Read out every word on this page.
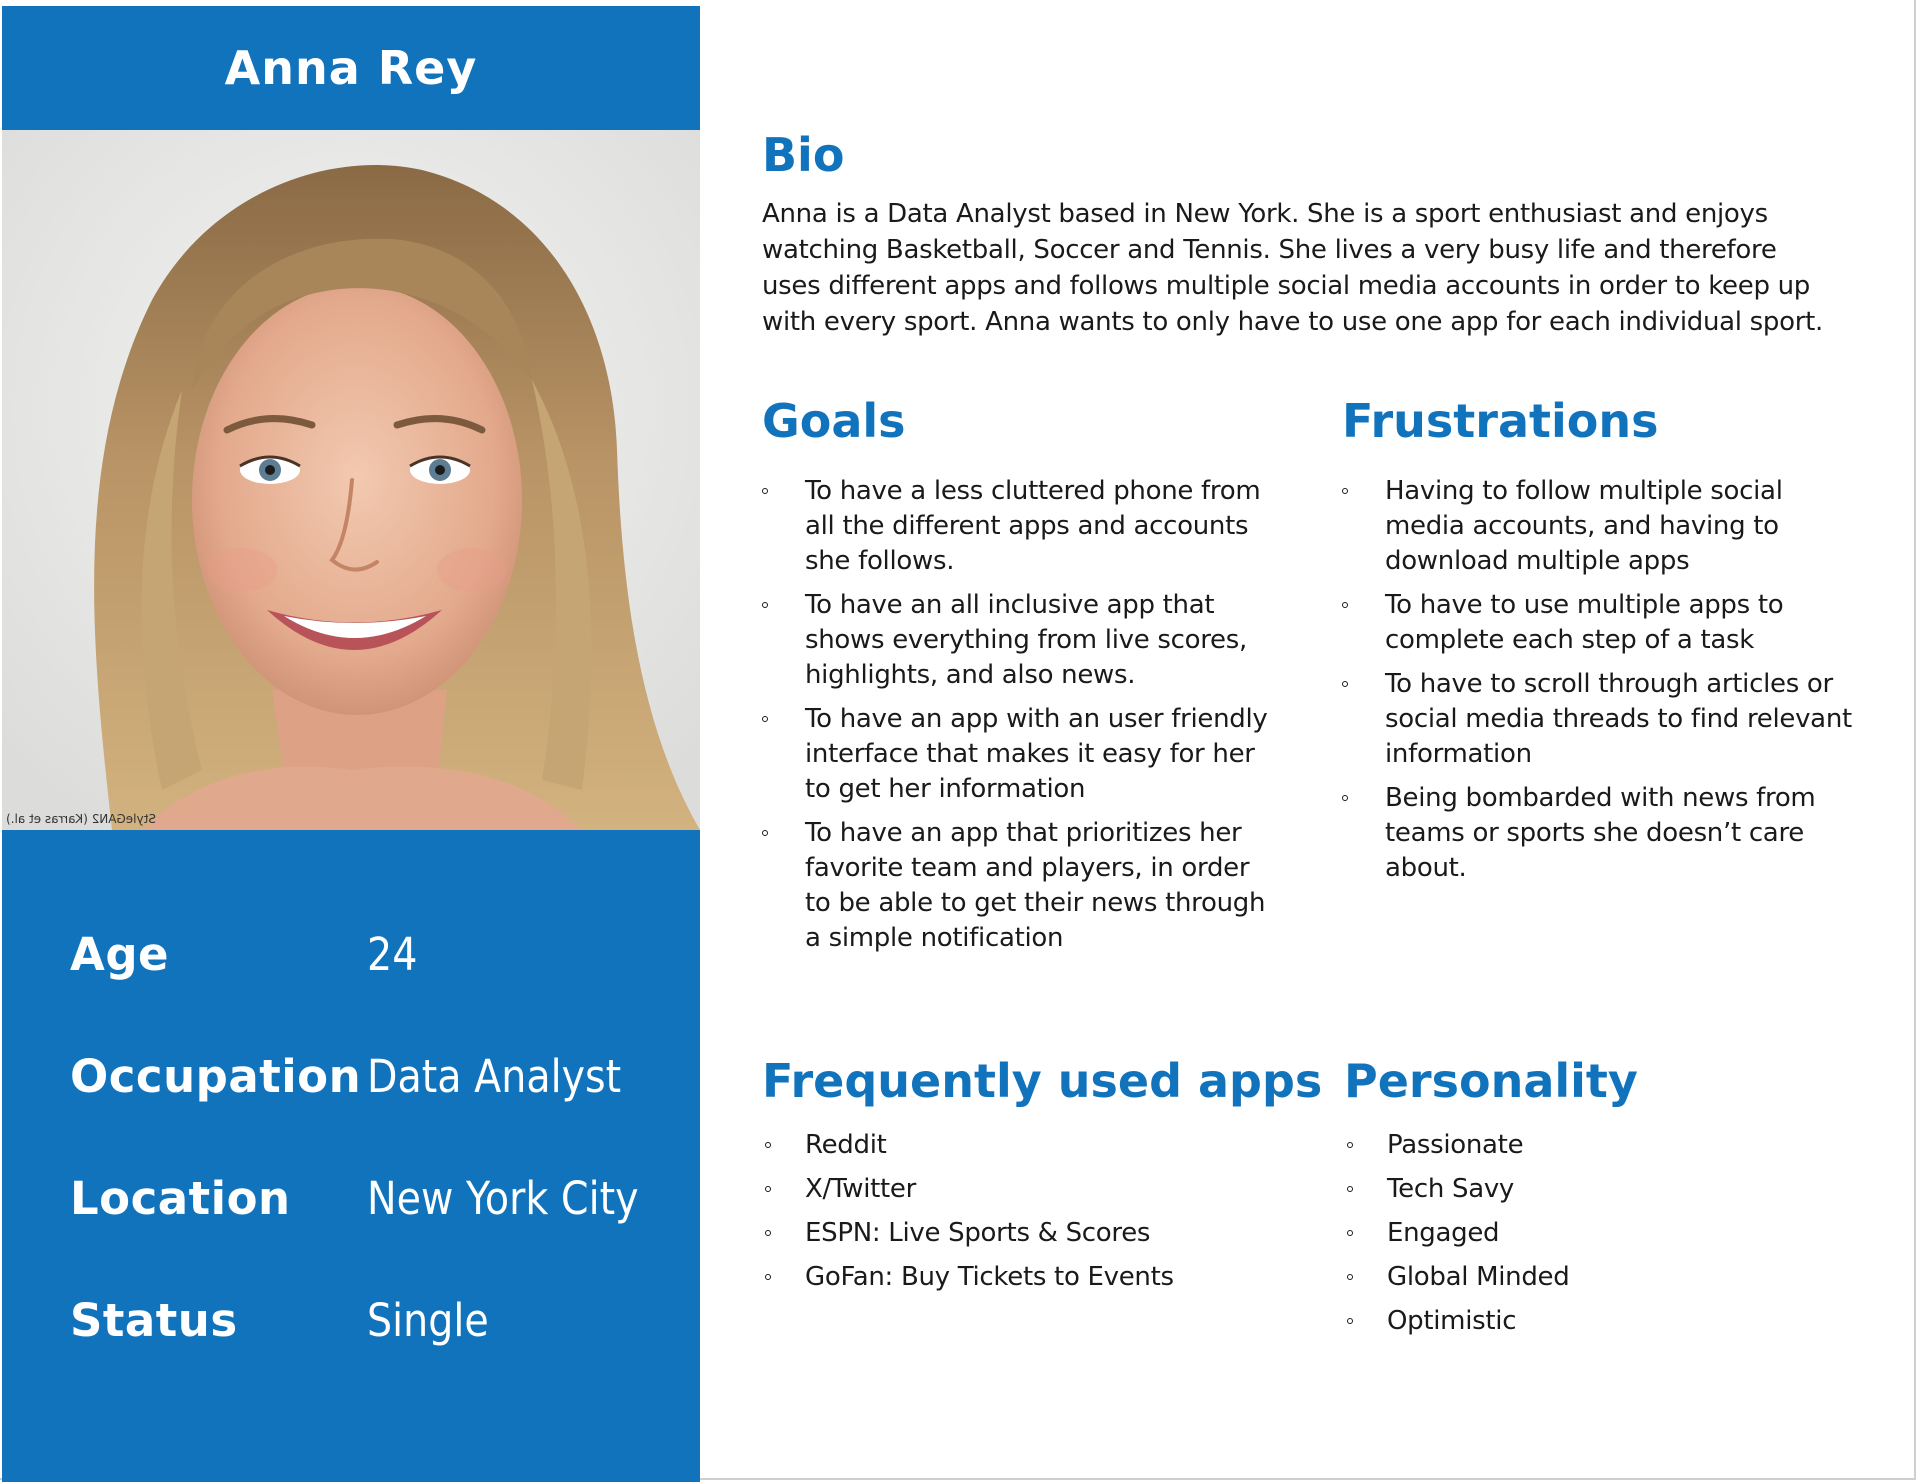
Anna Rey
StyleGAN2 (Karras et al.)
Age	24
Occupation Data Analyst
Location New York City
Status	Single
Bio

Anna is a Data Analyst based in New York. She is a sport enthusiast and enjoys watching Basketball, Soccer and Tennis. She lives a very busy life and therefore uses different apps and follows multiple social media accounts in order to keep up with every sport. Anna wants to only have to use one app for each individual sport.

Goals
To have a less cluttered phone from all the different apps and accounts she follows.
To have an all inclusive app that shows everything from live scores, highlights, and also news.
To have an app with an user friendly interface that makes it easy for her to get her information
To have an app that prioritizes her favorite team and players, in order to be able to get their news through a simple notification
Frustrations
Having to follow multiple social media accounts, and having to download multiple apps
To have to use multiple apps to complete each step of a task
To have to scroll through articles or social media threads to find relevant information
Being bombarded with news from teams or sports she doesn’t care about.
Frequently used apps
Reddit
X/Twitter
ESPN: Live Sports & Scores
GoFan: Buy Tickets to Events
Personality
Passionate
Tech Savy
Engaged
Global Minded
Optimistic
